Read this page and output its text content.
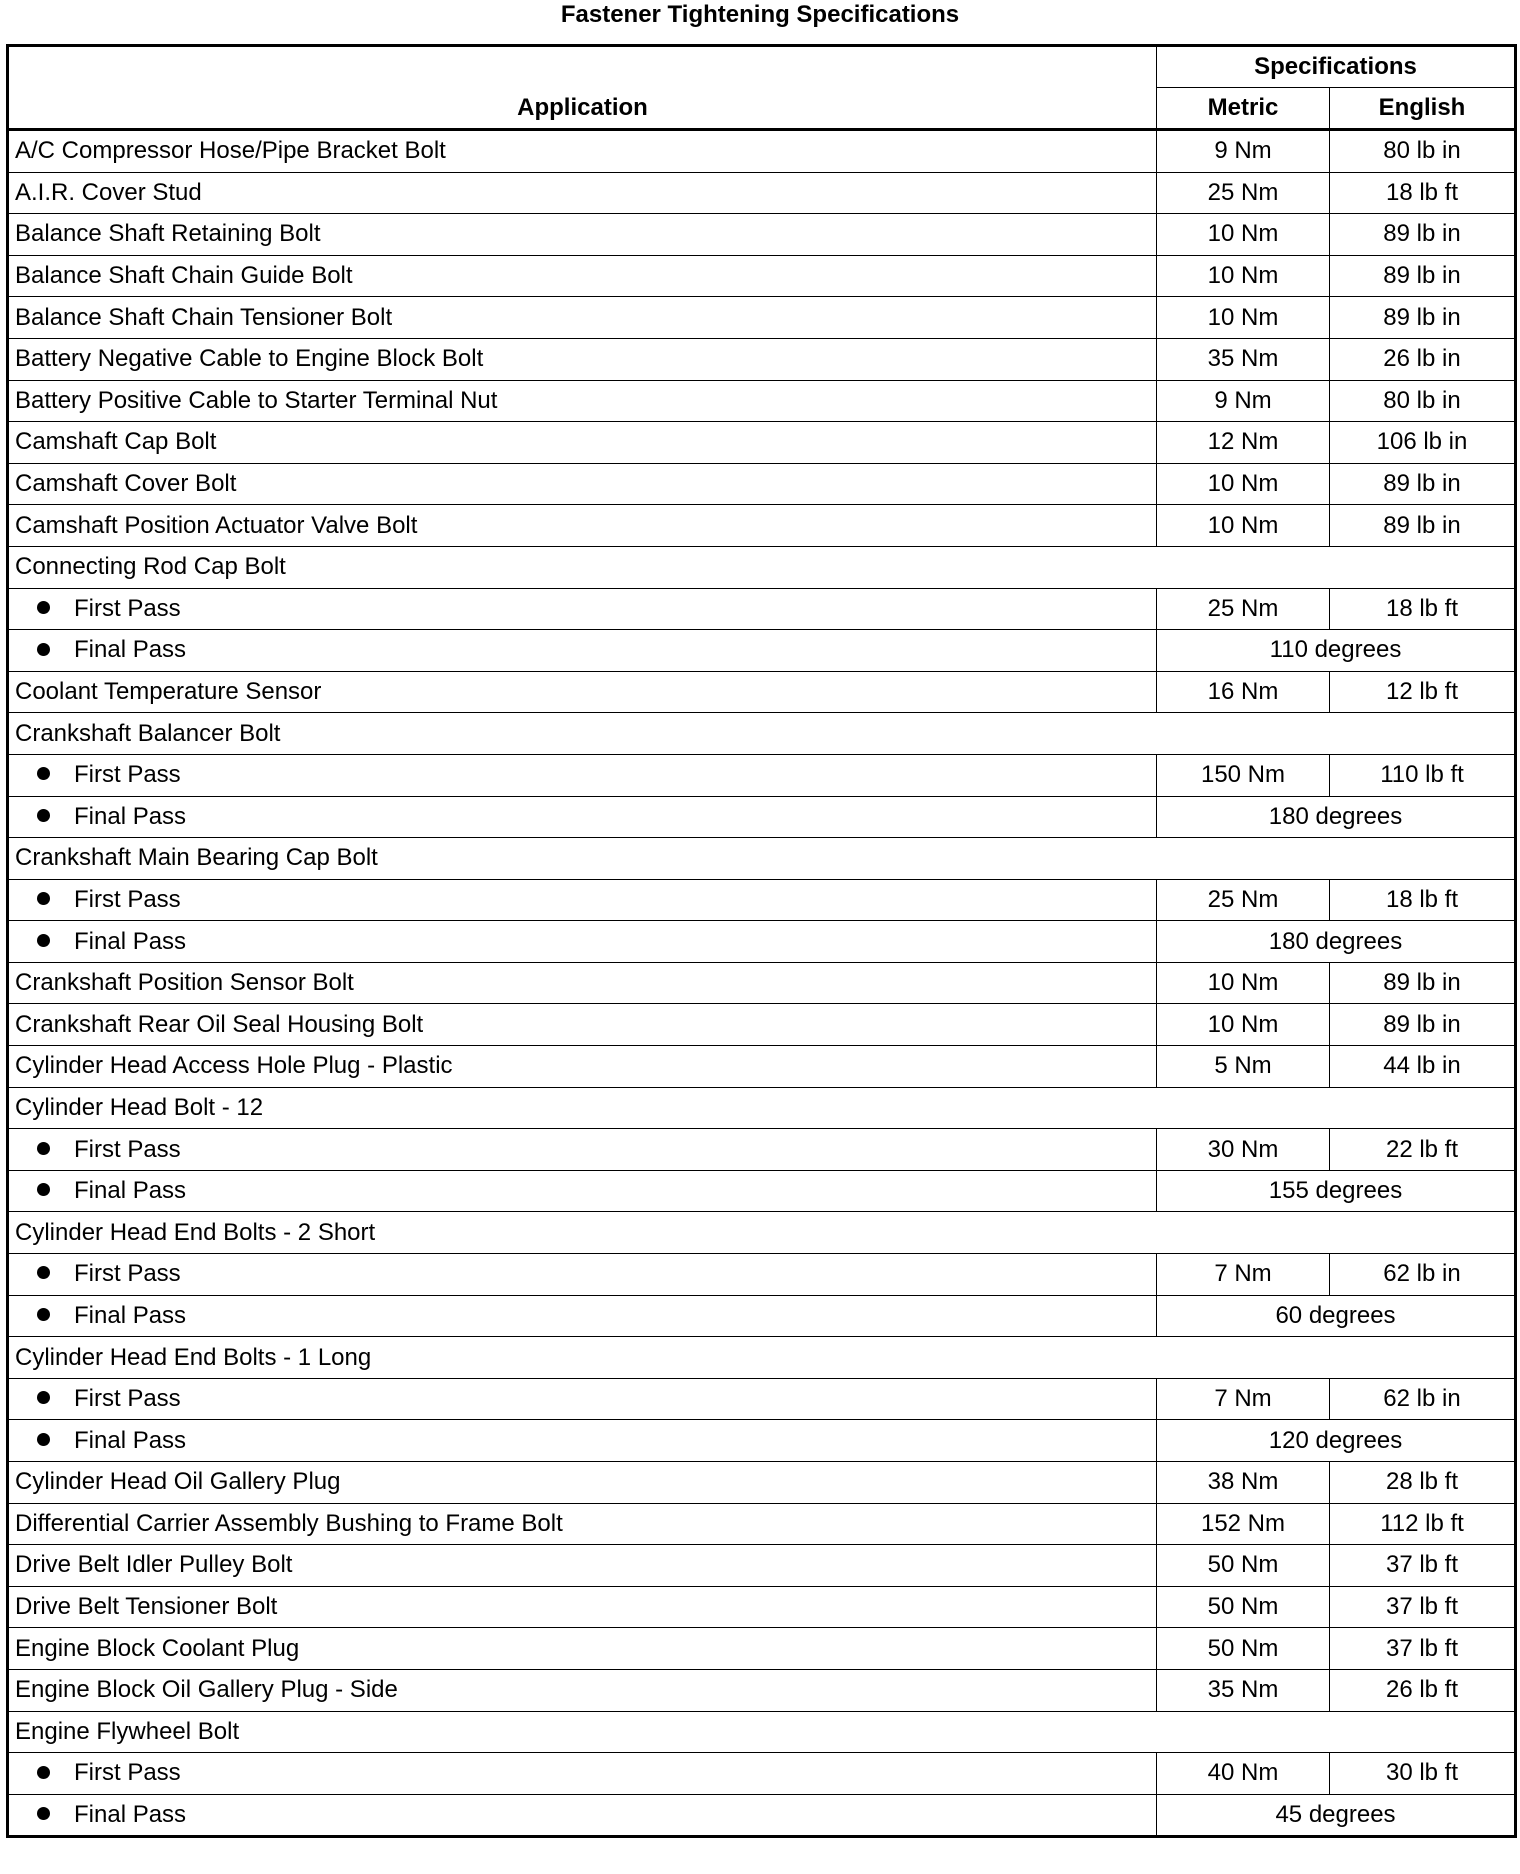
Fastener Tightening Specifications
Application	Specifications	
	Metric	English
A/C Compressor Hose/Pipe Bracket Bolt	9 Nm	80 lb in
A.I.R. Cover Stud	25 Nm	18 lb ft
Balance Shaft Retaining Bolt	10 Nm	89 lb in
Balance Shaft Chain Guide Bolt	10 Nm	89 lb in
Balance Shaft Chain Tensioner Bolt	10 Nm	89 lb in
Battery Negative Cable to Engine Block Bolt	35 Nm	26 lb in
Battery Positive Cable to Starter Terminal Nut	9 Nm	80 lb in
Camshaft Cap Bolt	12 Nm	106 lb in
Camshaft Cover Bolt	10 Nm	89 lb in
Camshaft Position Actuator Valve Bolt	10 Nm	89 lb in
Connecting Rod Cap Bolt		
First Pass	25 Nm	18 lb ft
Final Pass	110 degrees	
Coolant Temperature Sensor	16 Nm	12 lb ft
Crankshaft Balancer Bolt		
First Pass	150 Nm	110 lb ft
Final Pass	180 degrees	
Crankshaft Main Bearing Cap Bolt		
First Pass	25 Nm	18 lb ft
Final Pass	180 degrees	
Crankshaft Position Sensor Bolt	10 Nm	89 lb in
Crankshaft Rear Oil Seal Housing Bolt	10 Nm	89 lb in
Cylinder Head Access Hole Plug - Plastic	5 Nm	44 lb in
Cylinder Head Bolt - 12		
First Pass	30 Nm	22 lb ft
Final Pass	155 degrees	
Cylinder Head End Bolts - 2 Short		
First Pass	7 Nm	62 lb in
Final Pass	60 degrees	
Cylinder Head End Bolts - 1 Long		
First Pass	7 Nm	62 lb in
Final Pass	120 degrees	
Cylinder Head Oil Gallery Plug	38 Nm	28 lb ft
Differential Carrier Assembly Bushing to Frame Bolt	152 Nm	112 lb ft
Drive Belt Idler Pulley Bolt	50 Nm	37 lb ft
Drive Belt Tensioner Bolt	50 Nm	37 lb ft
Engine Block Coolant Plug	50 Nm	37 lb ft
Engine Block Oil Gallery Plug - Side	35 Nm	26 lb ft
Engine Flywheel Bolt		
First Pass	40 Nm	30 lb ft
Final Pass	45 degrees	
